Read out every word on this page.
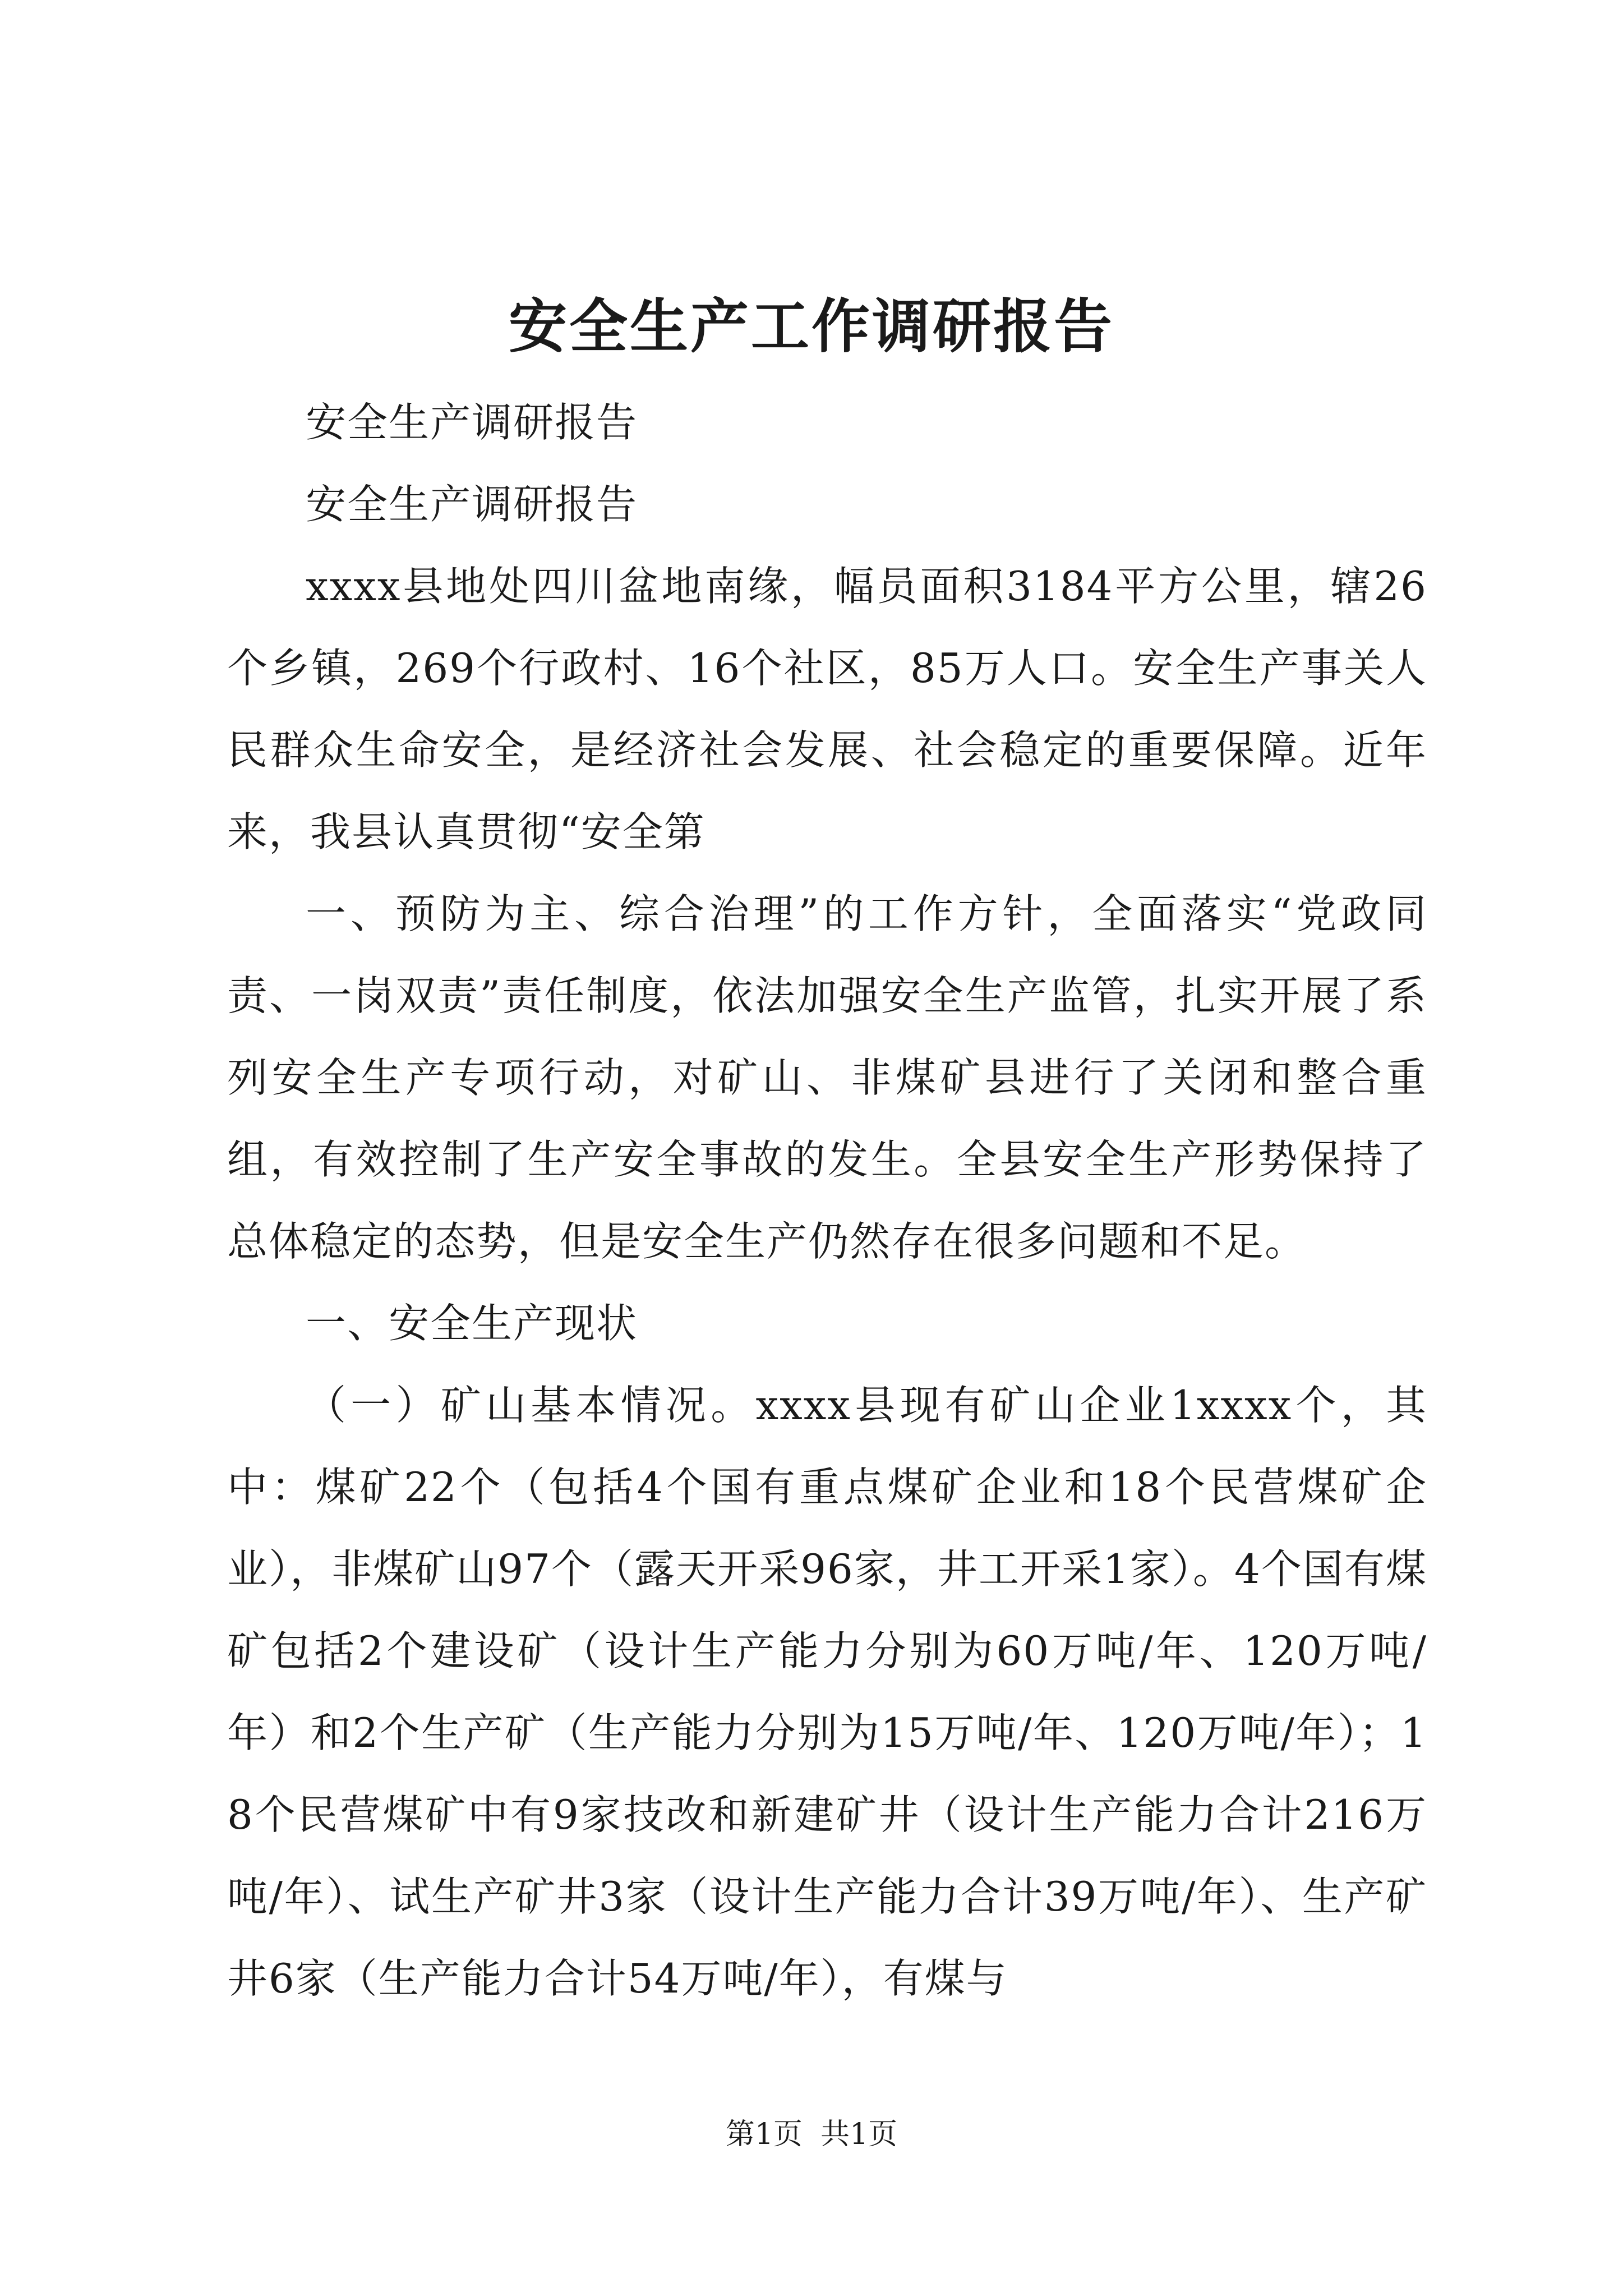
安全生产工作调研报告

安全生产调研报告

安全生产调研报告

xxxx县地处四川盆地南缘，幅员面积3184平方公里，辖26个乡镇，269个行政村、16个社区，85万人口。安全生产事关人民群众生命安全，是经济社会发展、社会稳定的重要保障。近年来，我县认真贯彻“安全第

一、预防为主、综合治理”的工作方针，全面落实“党政同责、一岗双责”责任制度，依法加强安全生产监管，扎实开展了系列安全生产专项行动，对矿山、非煤矿县进行了关闭和整合重组，有效控制了生产安全事故的发生。全县安全生产形势保持了总体稳定的态势，但是安全生产仍然存在很多问题和不足。

一、安全生产现状

（一）矿山基本情况。xxxx县现有矿山企业1xxxx个，其中：煤矿22个（包括4个国有重点煤矿企业和18个民营煤矿企业），非煤矿山97个（露天开采96家，井工开采1家）。4个国有煤矿包括2个建设矿（设计生产能力分别为60万吨/年、120万吨/年）和2个生产矿（生产能力分别为15万吨/年、120万吨/年）；18个民营煤矿中有9家技改和新建矿井（设计生产能力合计216万吨/年）、试生产矿井3家（设计生产能力合计39万吨/年）、生产矿井6家（生产能力合计54万吨/年），有煤与

第1页 共1页
